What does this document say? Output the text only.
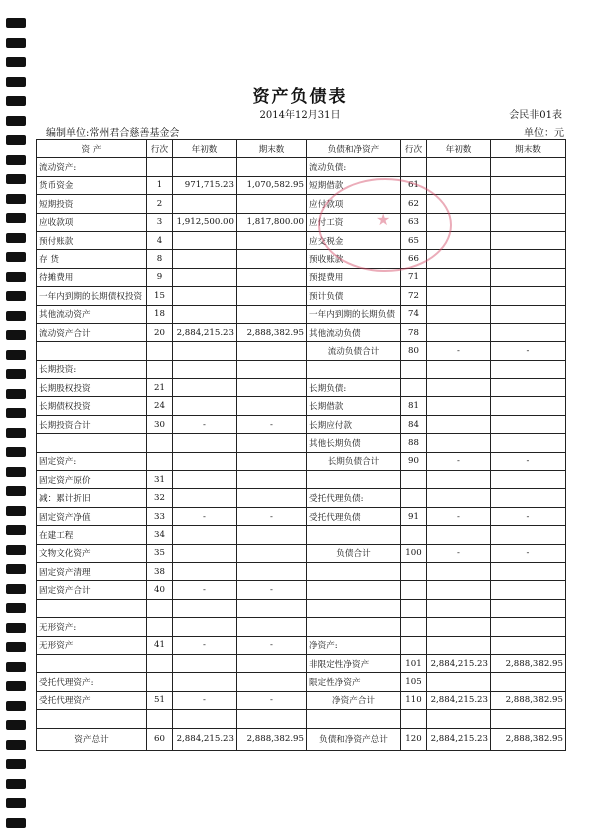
资产负债表
2014年12月31日	会民非01表
编制单位:常州君合慈善基金会	单位：元
资 产	行次	年初数	期末数	负债和净资产	行次	年初数	期末数
流动资产:				流动负债:			
货币资金	1	971,715.23	1,070,582.95	短期借款	61		
短期投资	2			应付款项	62		
应收款项	3	1,912,500.00	1,817,800.00	应付工资	63		
预付账款	4			应交税金	65		
存 货	8			预收账款	66		
待摊费用	9			预提费用	71		
一年内到期的长期债权投资	15			预计负债	72		
其他流动资产	18			一年内到期的长期负债	74		
流动资产合计	20	2,884,215.23	2,888,382.95	其他流动负债	78		
				流动负债合计	80	-	-
长期投资:							
长期股权投资	21			长期负债:			
长期债权投资	24			长期借款	81		
长期投资合计	30	-	-	长期应付款	84		
				其他长期负债	88		
固定资产:				长期负债合计	90	-	-
固定资产原价	31						
减：累计折旧	32			受托代理负债:			
固定资产净值	33	-	-	受托代理负债	91	-	-
在建工程	34						
文物文化资产	35			负债合计	100	-	-
固定资产清理	38						
固定资产合计	40	-	-				

无形资产:							
无形资产	41	-	-	净资产:			
				非限定性净资产	101	2,884,215.23	2,888,382.95
受托代理资产:				限定性净资产	105		
受托代理资产	51	-	-	净资产合计	110	2,884,215.23	2,888,382.95

资产总计	60	2,884,215.23	2,888,382.95	负债和净资产总计	120	2,884,215.23	2,888,382.95
★
